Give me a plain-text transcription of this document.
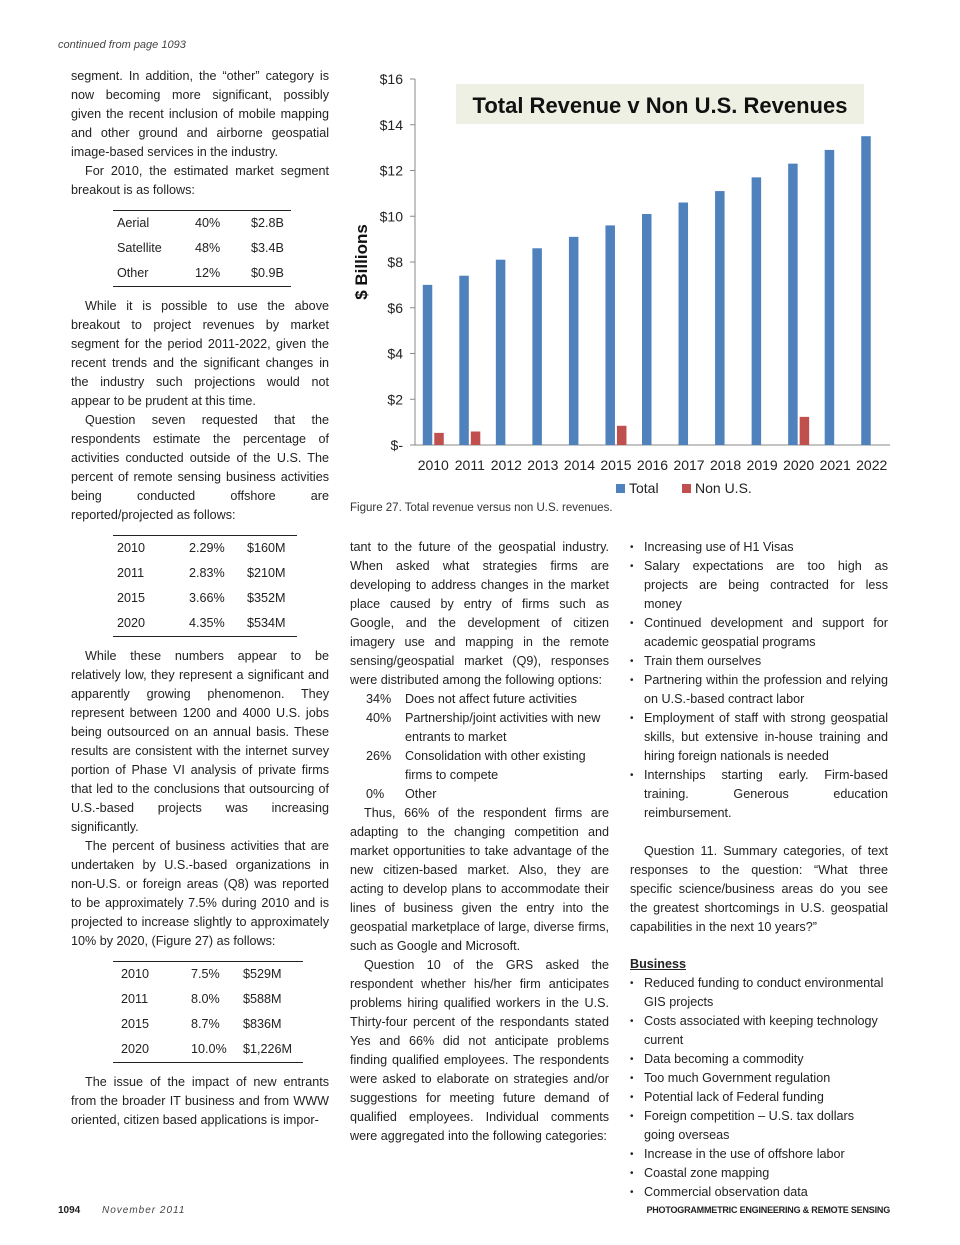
continued from page 1093

segment. In addition, the “other” category is now becoming more significant, possibly given the recent inclusion of mobile mapping and other ground and airborne geospatial image-based services in the industry.

For 2010, the estimated market segment breakout is as follows:

Aerial	40%	$2.8B
Satellite	48%	$3.4B
Other	12%	$0.9B

While it is possible to use the above breakout to project revenues by market segment for the period 2011-2022, given the recent trends and the significant changes in the industry such projections would not appear to be prudent at this time.

Question seven requested that the respondents estimate the percentage of activities conducted outside of the U.S. The percent of remote sensing business activities being conducted offshore are reported/projected as follows:

2010	2.29%	$160M
2011	2.83%	$210M
2015	3.66%	$352M
2020	4.35%	$534M

While these numbers appear to be relatively low, they represent a significant and apparently growing phenomenon. They represent between 1200 and 4000 U.S. jobs being outsourced on an annual basis. These results are consistent with the internet survey portion of Phase VI analysis of private firms that led to the conclusions that outsourcing of U.S.-based projects was increasing significantly.

The percent of business activities that are undertaken by U.S.-based organizations in non-U.S. or foreign areas (Q8) was reported to be approximately 7.5% during 2010 and is projected to increase slightly to approximately 10% by 2020, (Figure 27) as follows:

2010	7.5%	$529M
2011	8.0%	$588M
2015	8.7%	$836M
2020	10.0%	$1,226M

The issue of the impact of new entrants from the broader IT business and from WWW oriented, citizen based applications is impor-

$-
$2
$4
$6
$8
$10
$12
$14
$16
$ Billions
Total Revenue v Non U.S. Revenues
2010 2011 2012 2013 2014 2015 2016 2017 2018 2019 2020 2021 2022
Total	Non U.S.
Figure 27. Total revenue versus non U.S. revenues.

tant to the future of the geospatial industry. When asked what strategies firms are developing to address changes in the market place caused by entry of firms such as Google, and the development of citizen imagery use and mapping in the remote sensing/geospatial market (Q9), responses were distributed among the following options:

34%	Does not affect future activities
40%	Partnership/joint activities with new entrants to market
26%	Consolidation with other existing firms to compete
0%	Other

Thus, 66% of the respondent firms are adapting to the changing competition and market opportunities to take advantage of the new citizen-based market. Also, they are acting to develop plans to accommodate their lines of business given the entry into the geospatial marketplace of large, diverse firms, such as Google and Microsoft.

Question 10 of the GRS asked the respondent whether his/her firm anticipates problems hiring qualified workers in the U.S. Thirty-four percent of the respondants stated Yes and 66% did not anticipate problems finding qualified employees. The respondents were asked to elaborate on strategies and/or suggestions for meeting future demand of qualified employees. Individual comments were aggregated into the following categories:

• Increasing use of H1 Visas
• Salary expectations are too high as projects are being contracted for less money
• Continued development and support for academic geospatial programs
• Train them ourselves
• Partnering within the profession and relying on U.S.-based contract labor
• Employment of staff with strong geospatial skills, but extensive in-house training and hiring foreign nationals is needed
• Internships starting early. Firm-based training. Generous education reimbursement.

Question 11. Summary categories, of text responses to the question: “What three specific science/business areas do you see the greatest shortcomings in U.S. geospatial capabilities in the next 10 years?”

Business
• Reduced funding to conduct environmental GIS projects
• Costs associated with keeping technology current
• Data becoming a commodity
• Too much Government regulation
• Potential lack of Federal funding
• Foreign competition – U.S. tax dollars going overseas
• Increase in the use of offshore labor
• Coastal zone mapping
• Commercial observation data
1094 November 2011	PHOTOGRAMMETRIC ENGINEERING & REMOTE SENSING
